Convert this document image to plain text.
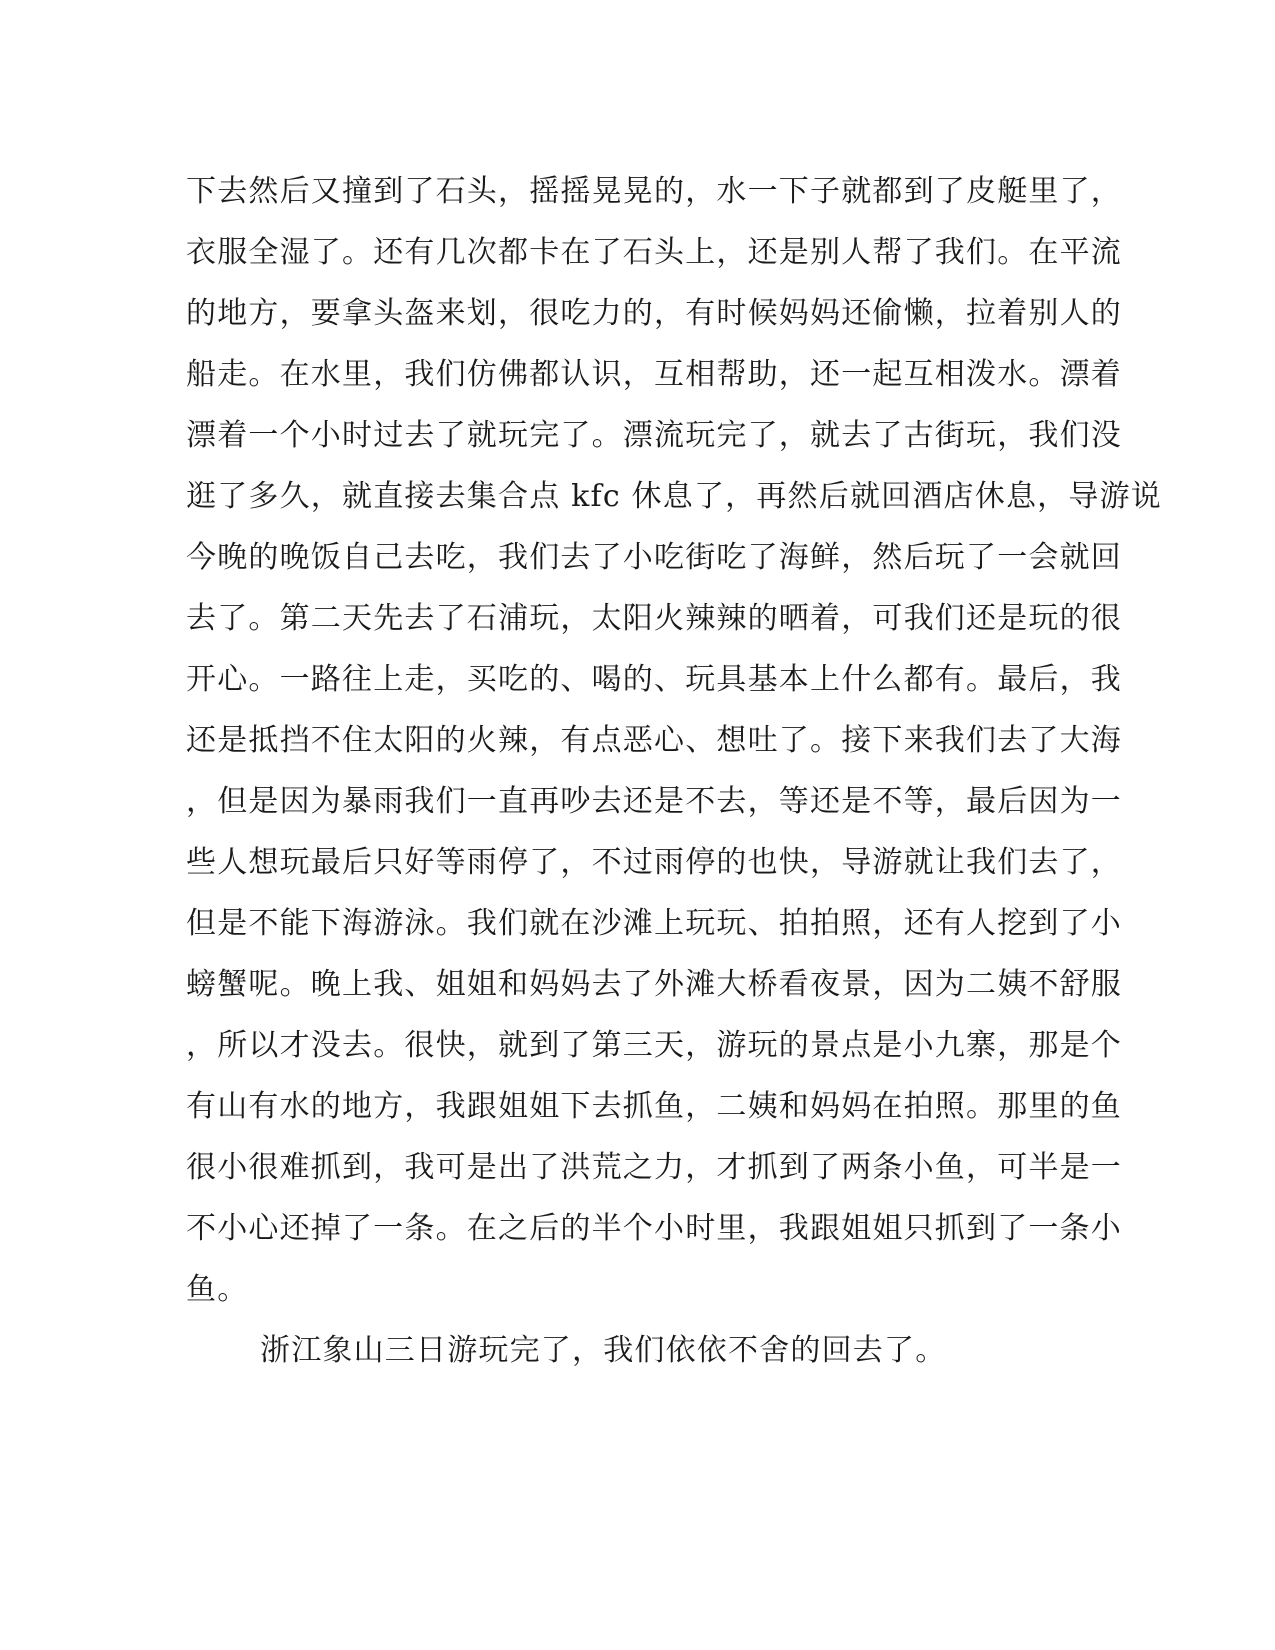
下去然后又撞到了石头，摇摇晃晃的，水一下子就都到了皮艇里了，
衣服全湿了。还有几次都卡在了石头上，还是别人帮了我们。在平流
的地方，要拿头盔来划，很吃力的，有时候妈妈还偷懒，拉着别人的
船走。在水里，我们仿佛都认识，互相帮助，还一起互相泼水。漂着
漂着一个小时过去了就玩完了。漂流玩完了，就去了古街玩，我们没
逛了多久，就直接去集合点 kfc 休息了，再然后就回酒店休息，导游说
今晚的晚饭自己去吃，我们去了小吃街吃了海鲜，然后玩了一会就回
去了。第二天先去了石浦玩，太阳火辣辣的晒着，可我们还是玩的很
开心。一路往上走，买吃的、喝的、玩具基本上什么都有。最后，我
还是抵挡不住太阳的火辣，有点恶心、想吐了。接下来我们去了大海
，但是因为暴雨我们一直再吵去还是不去，等还是不等，最后因为一
些人想玩最后只好等雨停了，不过雨停的也快，导游就让我们去了，
但是不能下海游泳。我们就在沙滩上玩玩、拍拍照，还有人挖到了小
螃蟹呢。晚上我、姐姐和妈妈去了外滩大桥看夜景，因为二姨不舒服
，所以才没去。很快，就到了第三天，游玩的景点是小九寨，那是个
有山有水的地方，我跟姐姐下去抓鱼，二姨和妈妈在拍照。那里的鱼
很小很难抓到，我可是出了洪荒之力，才抓到了两条小鱼，可半是一
不小心还掉了一条。在之后的半个小时里，我跟姐姐只抓到了一条小
鱼。
浙江象山三日游玩完了，我们依依不舍的回去了。
